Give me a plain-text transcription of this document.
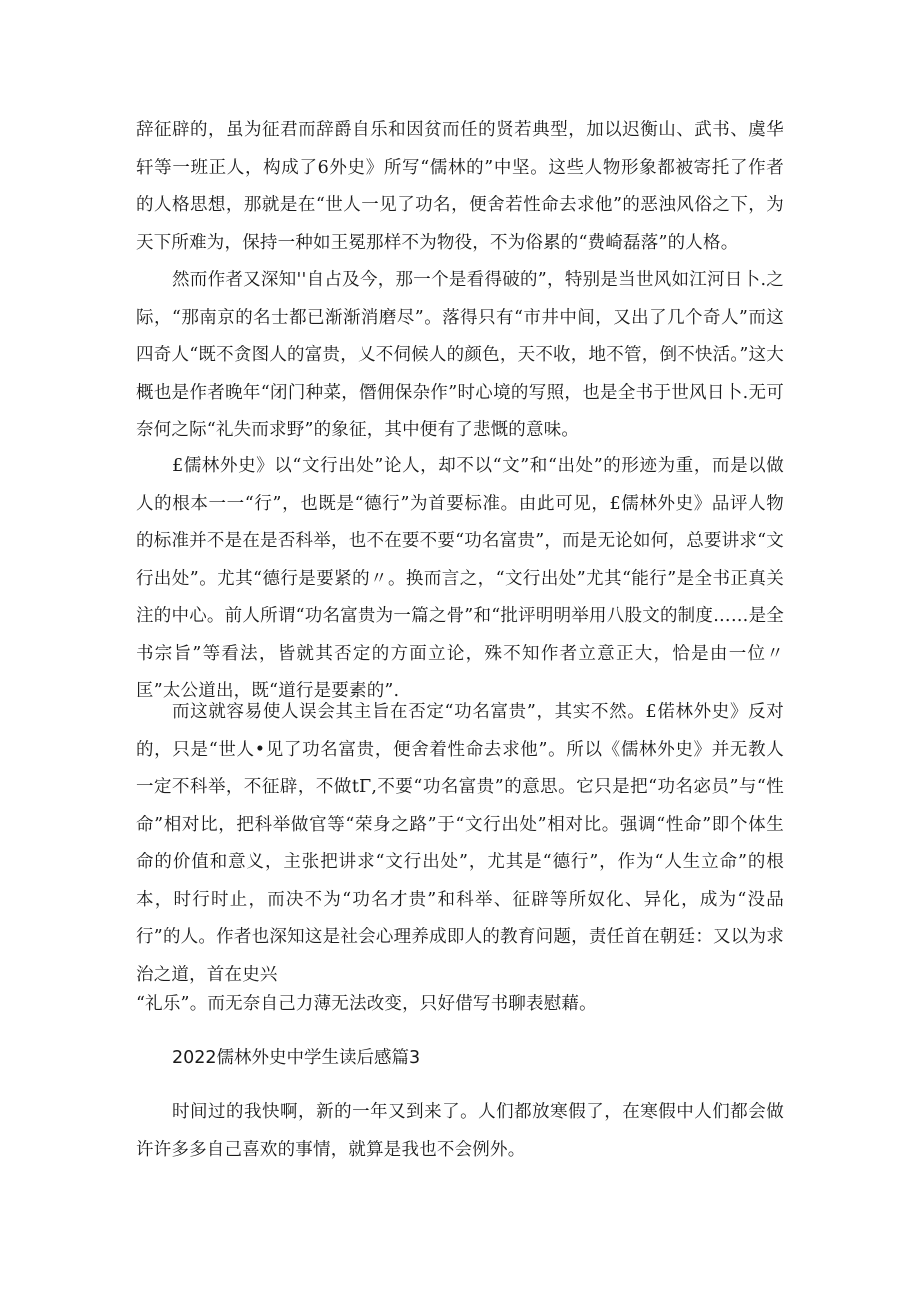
辞征辟的，虽为征君而辞爵自乐和因贫而任的贤若典型，加以迟衡山、武书、虞华轩等一班正人，构成了6外史》所写“儒林的”中坚。这些人物形象都被寄托了作者的人格思想，那就是在“世人一见了功名，便舍若性命去求他”的恶浊风俗之下，为天下所难为，保持一种如王冕那样不为物役，不为俗累的“费崎磊落”的人格。

然而作者又深知''自占及今，那一个是看得破的”，特别是当世风如江河日卜.之际，“那南京的名士都已渐渐消磨尽”。落得只有“市井中间，又出了几个奇人”而这四奇人“既不贪图人的富贵，乂不伺候人的颜色，天不收，地不管，倒不快活。”这大概也是作者晚年“闭门种菜，僭佣保杂作”时心境的写照，也是全书于世风日卜.无可奈何之际“礼失而求野”的象征，其中便有了悲慨的意味。

£儒林外史》以“文行出处”论人，却不以“文”和“出处”的形迹为重，而是以做人的根本一一“行”，也既是“德行”为首要标准。由此可见，£儒林外史》品评人物的标准并不是在是否科举，也不在要不要“功名富贵”，而是无论如何，总要讲求“文行出处”。尤其“德行是要紧的〃。换而言之，“文行出处”尤其“能行”是全书正真关注的中心。前人所谓“功名富贵为一篇之骨”和“批评明明举用八股文的制度……是全书宗旨”等看法，皆就其否定的方面立论，殊不知作者立意正大，恰是由一位〃匡”太公道出，既“道行是要素的”.

而这就容易使人误会其主旨在否定“功名富贵”，其实不然。£偌林外史》反对的，只是“世人•见了功名富贵，便舍着性命去求他”。所以《儒林外史》并无教人一定不科举，不征辟，不做tΓ,不要“功名富贵”的意思。它只是把“功名宓员”与“性命”相对比，把科举做官等“荣身之路”于“文行出处”相对比。强调“性命”即个体生命的价值和意义，主张把讲求“文行出处”，尤其是“德行”，作为“人生立命”的根本，时行时止，而决不为“功名才贵”和科举、征辟等所奴化、异化，成为“没品行”的人。作者也深知这是社会心理养成即人的教育问题，责任首在朝廷：又以为求治之道，首在史兴

“礼乐”。而无奈自己力薄无法改变，只好借写书聊表慰藉。

2022儒林外史中学生读后感篇3

时间过的我快啊，新的一年又到来了。人们都放寒假了，在寒假中人们都会做许许多多自己喜欢的事情，就算是我也不会例外。
